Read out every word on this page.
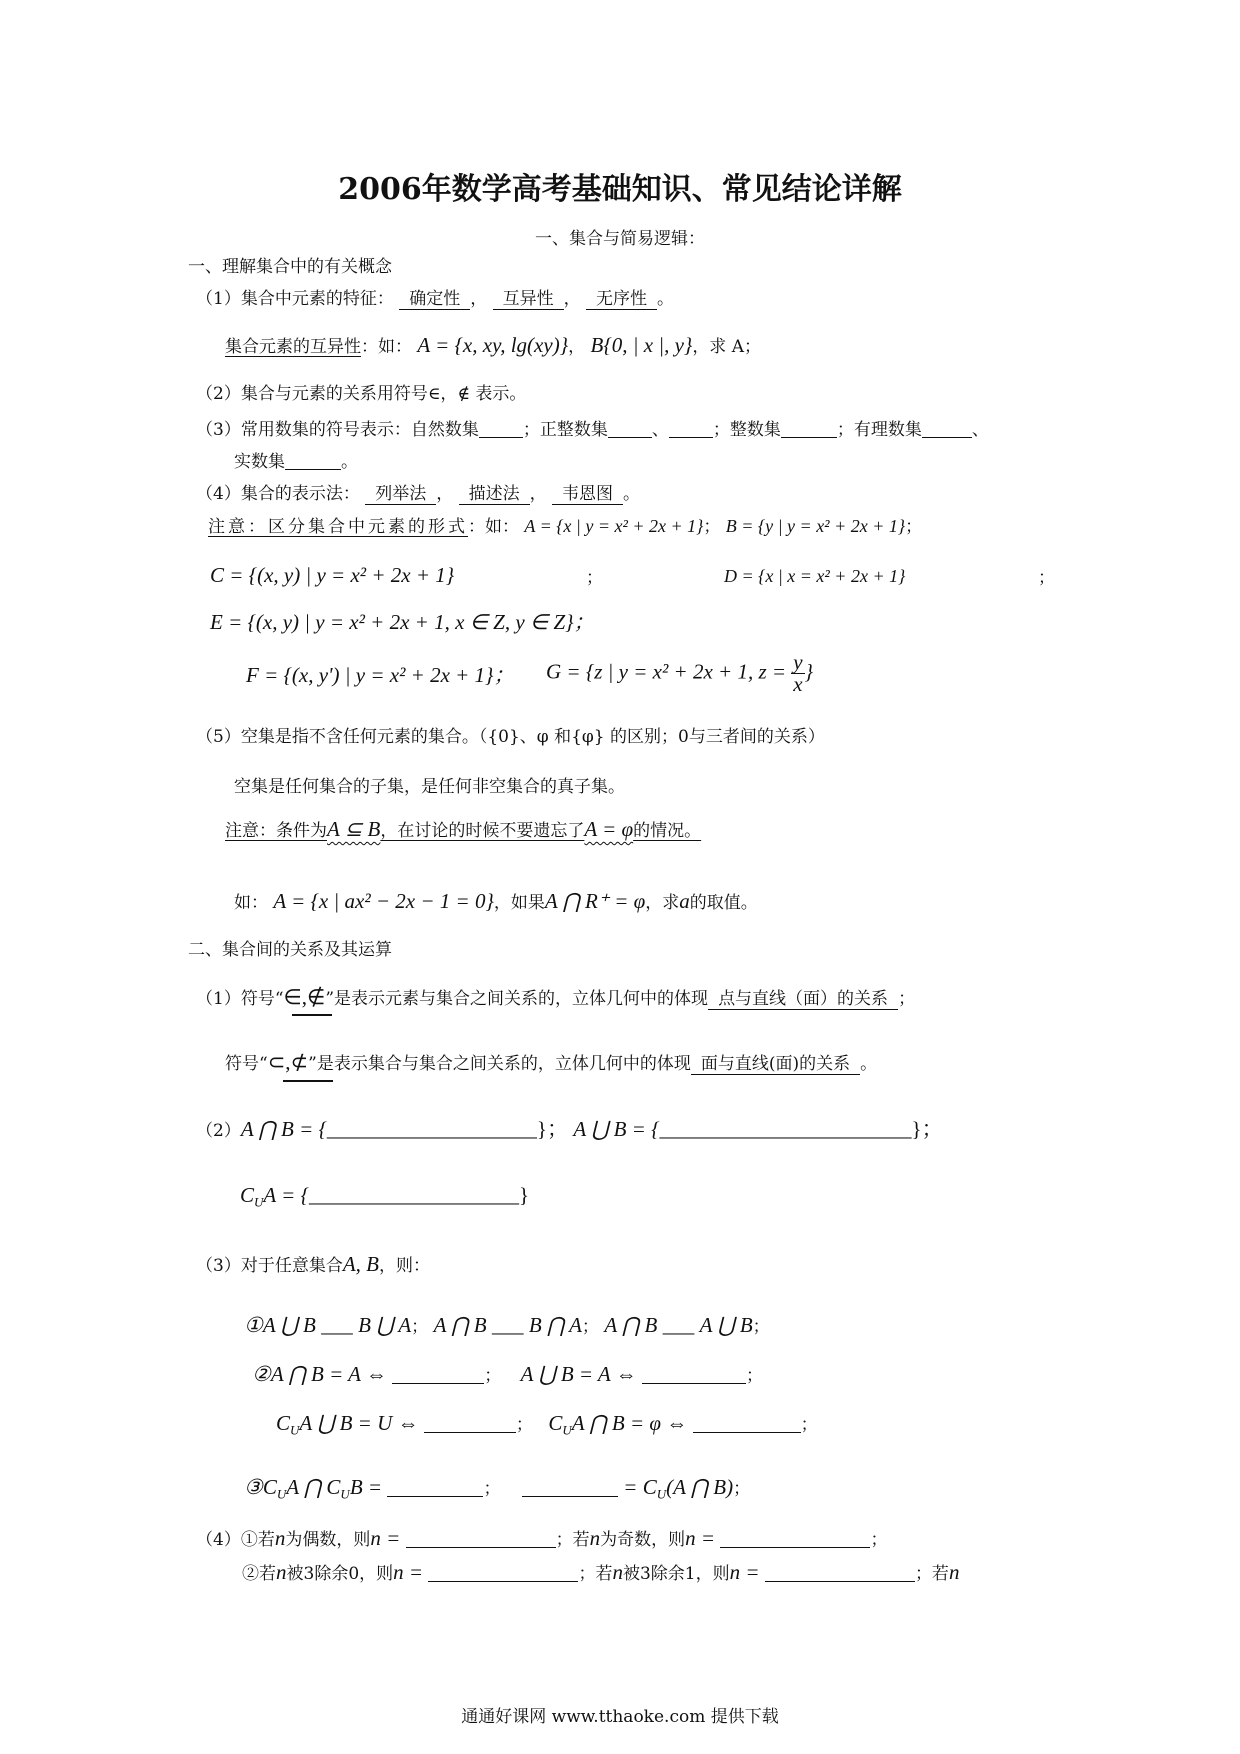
2006年数学高考基础知识、常见结论详解
一、集合与简易逻辑：
一、理解集合中的有关概念
（1）集合中元素的特征： 确定性 ， 互异性 ， 无序性 。
集合元素的互异性：如： A = {x, xy, lg(xy)}， B{0, | x |, y}，求 A；
（2）集合与元素的关系用符号∈，∉ 表示。
（3）常用数集的符号表示：自然数集	；正整数集	、	；整数集	；有理数集	、
实数集	。
（4）集合的表示法： 列举法 ， 描述法 ， 韦恩图 。
注意：区分集合中元素的形式：如： A = {x | y = x² + 2x + 1}； B = {y | y = x² + 2x + 1}；
C = {(x, y) | y = x² + 2x + 1}	；	D = {x | x = x² + 2x + 1}	；
E = {(x, y) | y = x² + 2x + 1, x ∈ Z, y ∈ Z}；
F = {(x, y') | y = x² + 2x + 1}； G = {z | y = x² + 2x + 1, $z = \frac{y}{x}$ }
（5）空集是指不含任何元素的集合。（{0}、φ 和{φ} 的区别；0与三者间的关系）
空集是任何集合的子集，是任何非空集合的真子集。
注意：条件为A ⊆ B，在讨论的时候不要遗忘了A = φ的情况。
如： A = {x | ax² − 2x − 1 = 0}，如果A ⋂ R⁺ = φ，求a的取值。
二、集合间的关系及其运算
（1）符号“∈,∉”是表示元素与集合之间关系的，立体几何中的体现 点与直线（面）的关系 ；
符号“⊂,⊄”是表示集合与集合之间关系的，立体几何中的体现 面与直线(面)的关系 。
（2）A ⋂ B = {____________________}； A ⋃ B = {________________________}；
$C_UA$ = {____________________}
（3）对于任意集合A, B，则：
①A ⋃ B ___ B ⋃ A； A ⋂ B ___ B ⋂ A； A ⋂ B ___ A ⋃ B；
②A ⋂ B = A ⇔	； A ⋃ B = A ⇔	；
$C_UA$ ⋃ B = U ⇔	； $C_UA$ ⋂ B = φ ⇔	；
$③C_UA$ ⋂ $C_UB$ =	；	= $C_U(A$ ⋂ B)；
（4）①若n为偶数，则n =	；若n为奇数，则n =	；
②若n被3除余0，则n =	；若n被3除余1，则n =	；若n
通通好课网 www.tthaoke.com 提供下载
